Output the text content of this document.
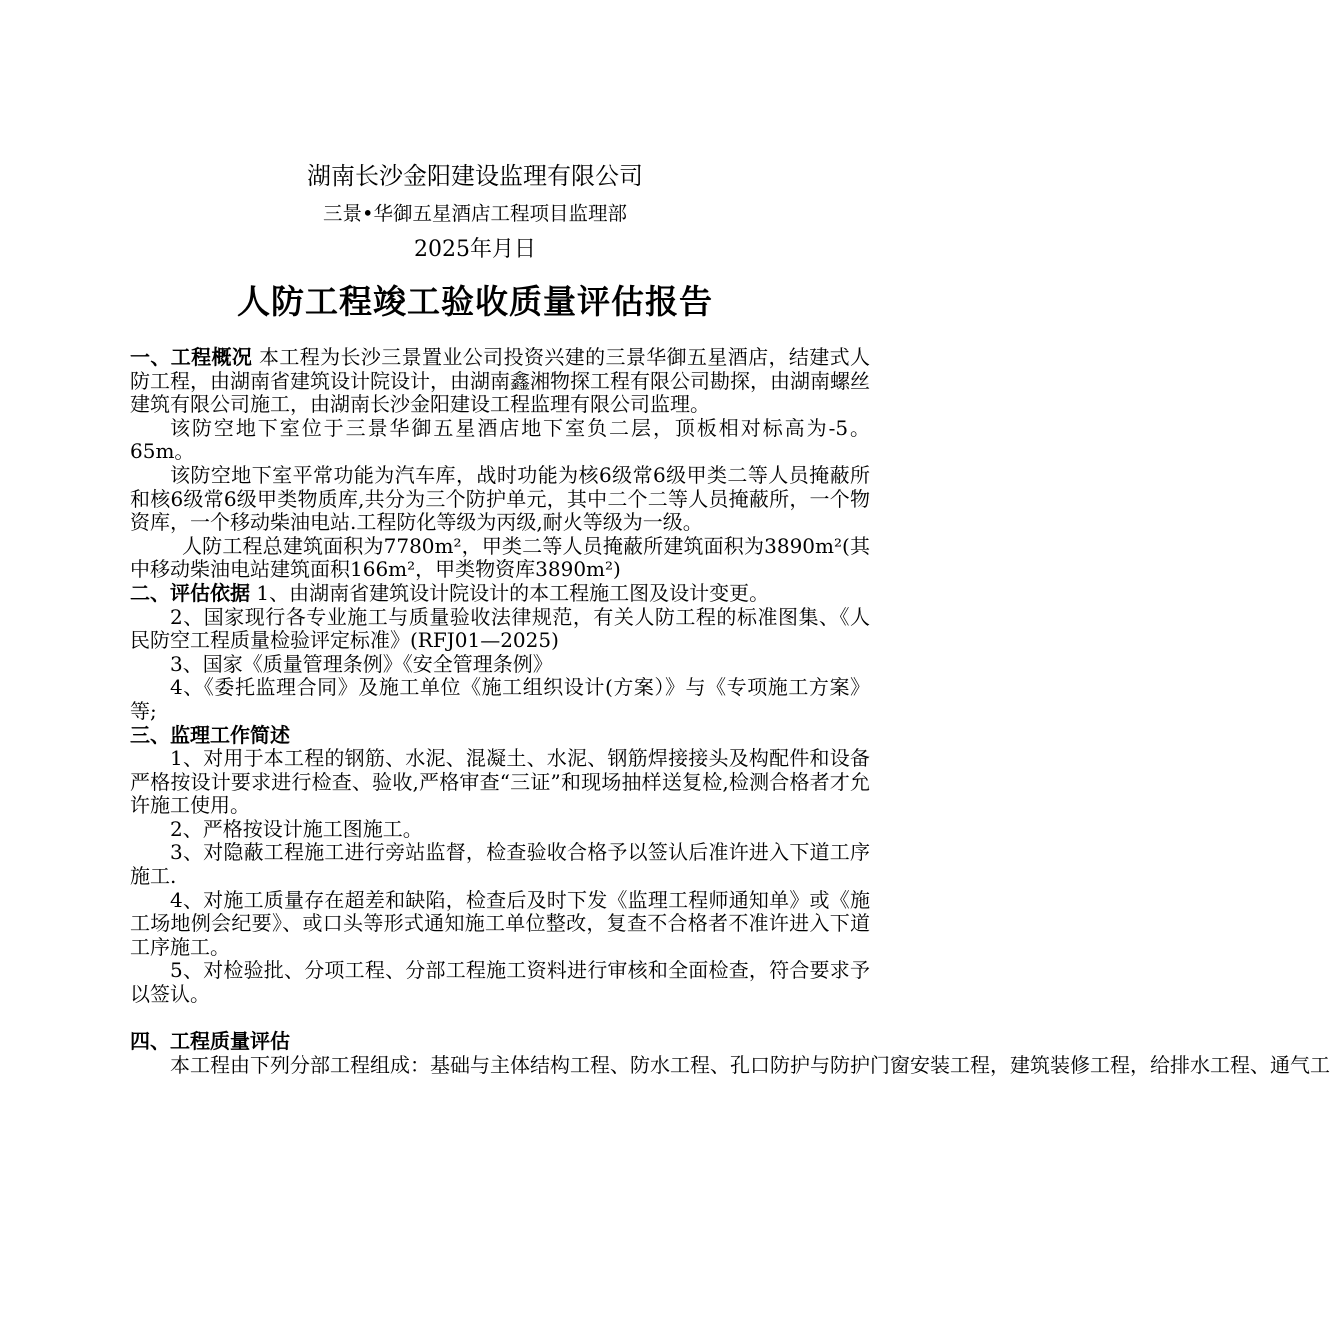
湖南长沙金阳建设监理有限公司
三景•华御五星酒店工程项目监理部
2025年月日
人防工程竣工验收质量评估报告

一、工程概况 本工程为长沙三景置业公司投资兴建的三景华御五星酒店，结建式人防工程，由湖南省建筑设计院设计，由湖南鑫湘物探工程有限公司勘探，由湖南螺丝建筑有限公司施工，由湖南长沙金阳建设工程监理有限公司监理。

该防空地下室位于三景华御五星酒店地下室负二层，顶板相对标高为-5。65m。

该防空地下室平常功能为汽车库，战时功能为核6级常6级甲类二等人员掩蔽所和核6级常6级甲类物质库,共分为三个防护单元，其中二个二等人员掩蔽所，一个物资库，一个移动柴油电站.工程防化等级为丙级,耐火等级为一级。

人防工程总建筑面积为7780m²，甲类二等人员掩蔽所建筑面积为3890m²(其中移动柴油电站建筑面积166m²，甲类物资库3890m²)

二、评估依据 1、由湖南省建筑设计院设计的本工程施工图及设计变更。

2、国家现行各专业施工与质量验收法律规范，有关人防工程的标准图集、《人民防空工程质量检验评定标准》(RFJ01—2025)

3、国家《质量管理条例》《安全管理条例》

4、《委托监理合同》及施工单位《施工组织设计(方案）》与《专项施工方案》等;

三、监理工作简述

1、对用于本工程的钢筋、水泥、混凝土、水泥、钢筋焊接接头及构配件和设备严格按设计要求进行检查、验收,严格审查“三证”和现场抽样送复检,检测合格者才允许施工使用。

2、严格按设计施工图施工。

3、对隐蔽工程施工进行旁站监督，检查验收合格予以签认后准许进入下道工序施工.

4、对施工质量存在超差和缺陷，检查后及时下发《监理工程师通知单》或《施工场地例会纪要》、或口头等形式通知施工单位整改，复查不合格者不准许进入下道工序施工。

5、对检验批、分项工程、分部工程施工资料进行审核和全面检查，符合要求予以签认。

四、工程质量评估

本工程由下列分部工程组成：基础与主体结构工程、防水工程、孔口防护与防护门窗安装工程，建筑装修工程，给排水工程、通气工
